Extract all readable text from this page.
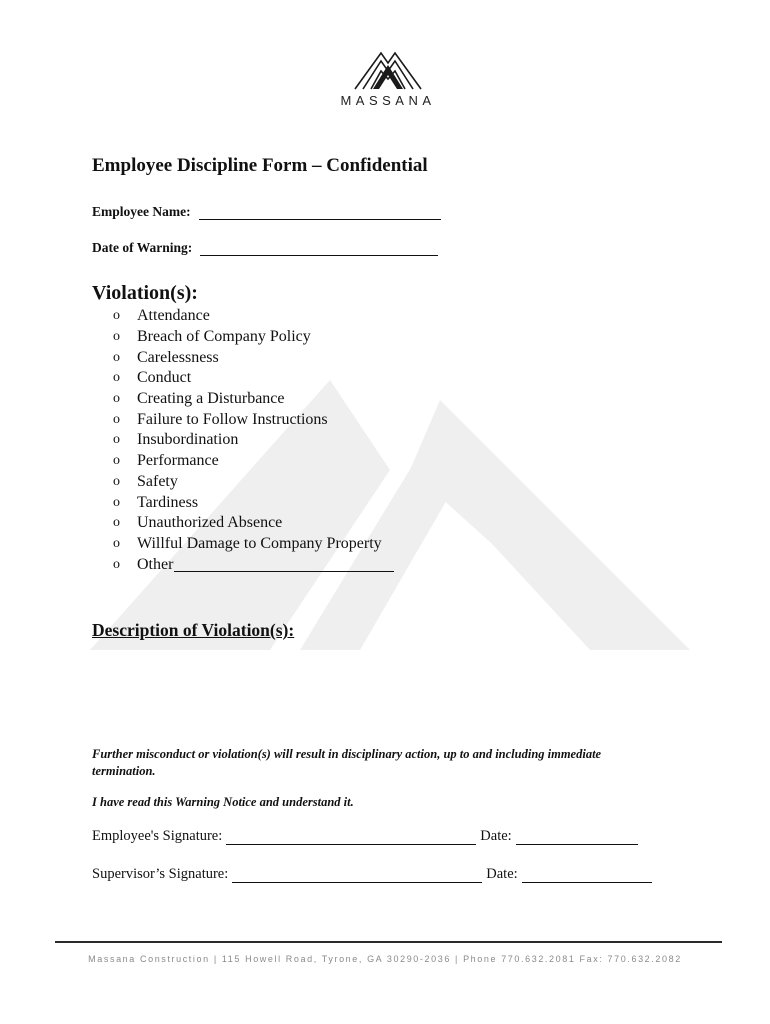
MASSANA
Employee Discipline Form – Confidential
Employee Name:
Date of Warning:
Violation(s):
o	Attendance
o	Breach of Company Policy
o	Carelessness
o	Conduct
o	Creating a Disturbance
o	Failure to Follow Instructions
o	Insubordination
o	Performance
o	Safety
o	Tardiness
o	Unauthorized Absence
o	Willful Damage to Company Property
o	Other
Description of Violation(s):
Further misconduct or violation(s) will result in disciplinary action, up to and including immediate termination.
I have read this Warning Notice and understand it.
Employee's Signature:	Date:
Supervisor’s Signature:	Date:
Massana Construction | 115 Howell Road, Tyrone, GA 30290-2036 | Phone 770.632.2081 Fax: 770.632.2082
